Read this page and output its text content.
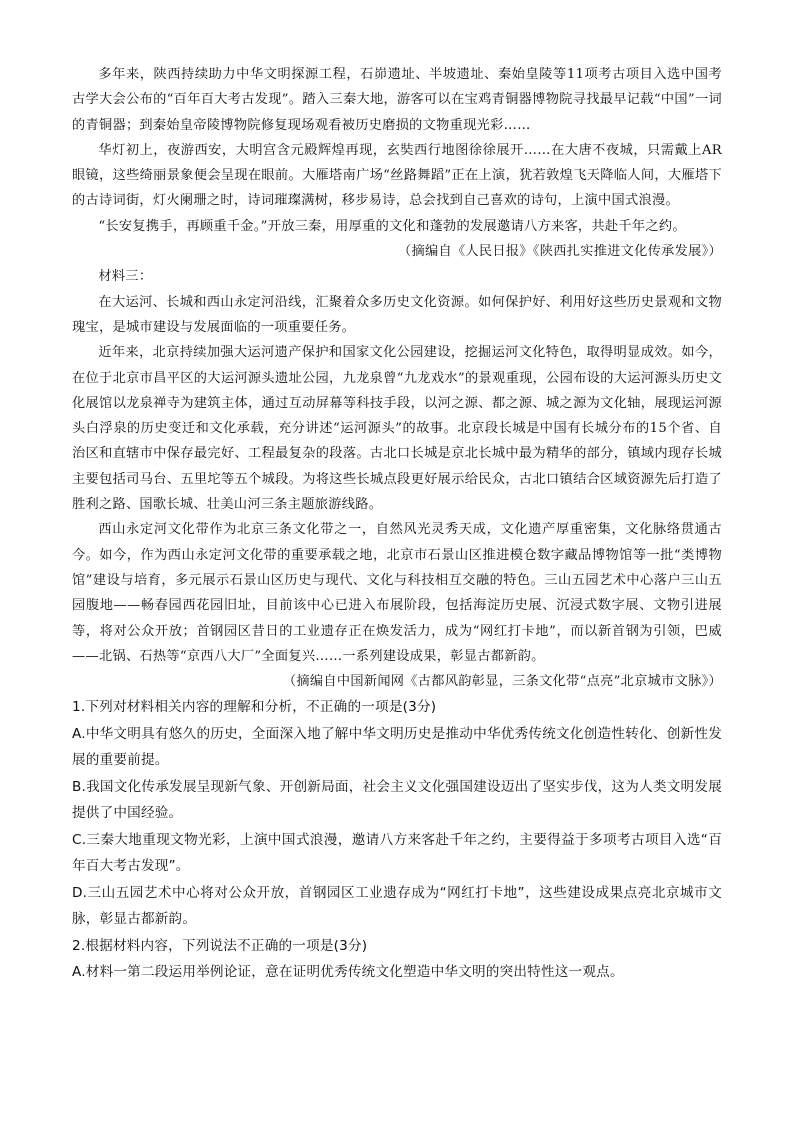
多年来，陕西持续助力中华文明探源工程，石峁遗址、半坡遗址、秦始皇陵等11项考古项目入选中国考古学大会公布的“百年百大考古发现”。踏入三秦大地，游客可以在宝鸡青铜器博物院寻找最早记载“中国”一词的青铜器；到秦始皇帝陵博物院修复现场观看被历史磨损的文物重现光彩……

华灯初上，夜游西安，大明宫含元殿辉煌再现，玄奘西行地图徐徐展开……在大唐不夜城，只需戴上AR眼镜，这些绮丽景象便会呈现在眼前。大雁塔南广场“丝路舞蹈”正在上演，犹若敦煌飞天降临人间，大雁塔下的古诗词街，灯火阑珊之时，诗词璀璨满树，移步易诗，总会找到自己喜欢的诗句，上演中国式浪漫。

“长安复携手，再顾重千金。”开放三秦，用厚重的文化和蓬勃的发展邀请八方来客，共赴千年之约。

（摘编自《人民日报》《陕西扎实推进文化传承发展》）

材料三：

在大运河、长城和西山永定河沿线，汇聚着众多历史文化资源。如何保护好、利用好这些历史景观和文物瑰宝，是城市建设与发展面临的一项重要任务。

近年来，北京持续加强大运河遗产保护和国家文化公园建设，挖掘运河文化特色，取得明显成效。如今，在位于北京市昌平区的大运河源头遗址公园，九龙泉曾“九龙戏水”的景观重现，公园布设的大运河源头历史文化展馆以龙泉禅寺为建筑主体，通过互动屏幕等科技手段，以河之源、都之源、城之源为文化轴，展现运河源头白浮泉的历史变迁和文化承载，充分讲述“运河源头”的故事。北京段长城是中国有长城分布的15个省、自治区和直辖市中保存最完好、工程最复杂的段落。古北口长城是京北长城中最为精华的部分，镇域内现存长城主要包括司马台、五里坨等五个城段。为将这些长城点段更好展示给民众，古北口镇结合区域资源先后打造了胜利之路、国歌长城、壮美山河三条主题旅游线路。

西山永定河文化带作为北京三条文化带之一，自然风光灵秀天成，文化遗产厚重密集，文化脉络贯通古今。如今，作为西山永定河文化带的重要承载之地，北京市石景山区推进模仓数字藏品博物馆等一批“类博物馆”建设与培育，多元展示石景山区历史与现代、文化与科技相互交融的特色。三山五园艺术中心落户三山五园腹地——畅春园西花园旧址，目前该中心已进入布展阶段，包括海淀历史展、沉浸式数字展、文物引进展等，将对公众开放；首钢园区昔日的工业遗存正在焕发活力，成为“网红打卡地”，而以新首钢为引领，巴威——北锅、石热等“京西八大厂”全面复兴……一系列建设成果，彰显古都新韵。

（摘编自中国新闻网《古都风韵彰显，三条文化带“点亮”北京城市文脉》）

1.下列对材料相关内容的理解和分析，不正确的一项是(3分)

A.中华文明具有悠久的历史，全面深入地了解中华文明历史是推动中华优秀传统文化创造性转化、创新性发展的重要前提。

B.我国文化传承发展呈现新气象、开创新局面，社会主义文化强国建设迈出了坚实步伐，这为人类文明发展提供了中国经验。

C.三秦大地重现文物光彩，上演中国式浪漫，邀请八方来客赴千年之约，主要得益于多项考古项目入选“百年百大考古发现”。

D.三山五园艺术中心将对公众开放，首钢园区工业遗存成为“网红打卡地”，这些建设成果点亮北京城市文脉，彰显古都新韵。

2.根据材料内容，下列说法不正确的一项是(3分)

A.材料一第二段运用举例论证，意在证明优秀传统文化塑造中华文明的突出特性这一观点。
